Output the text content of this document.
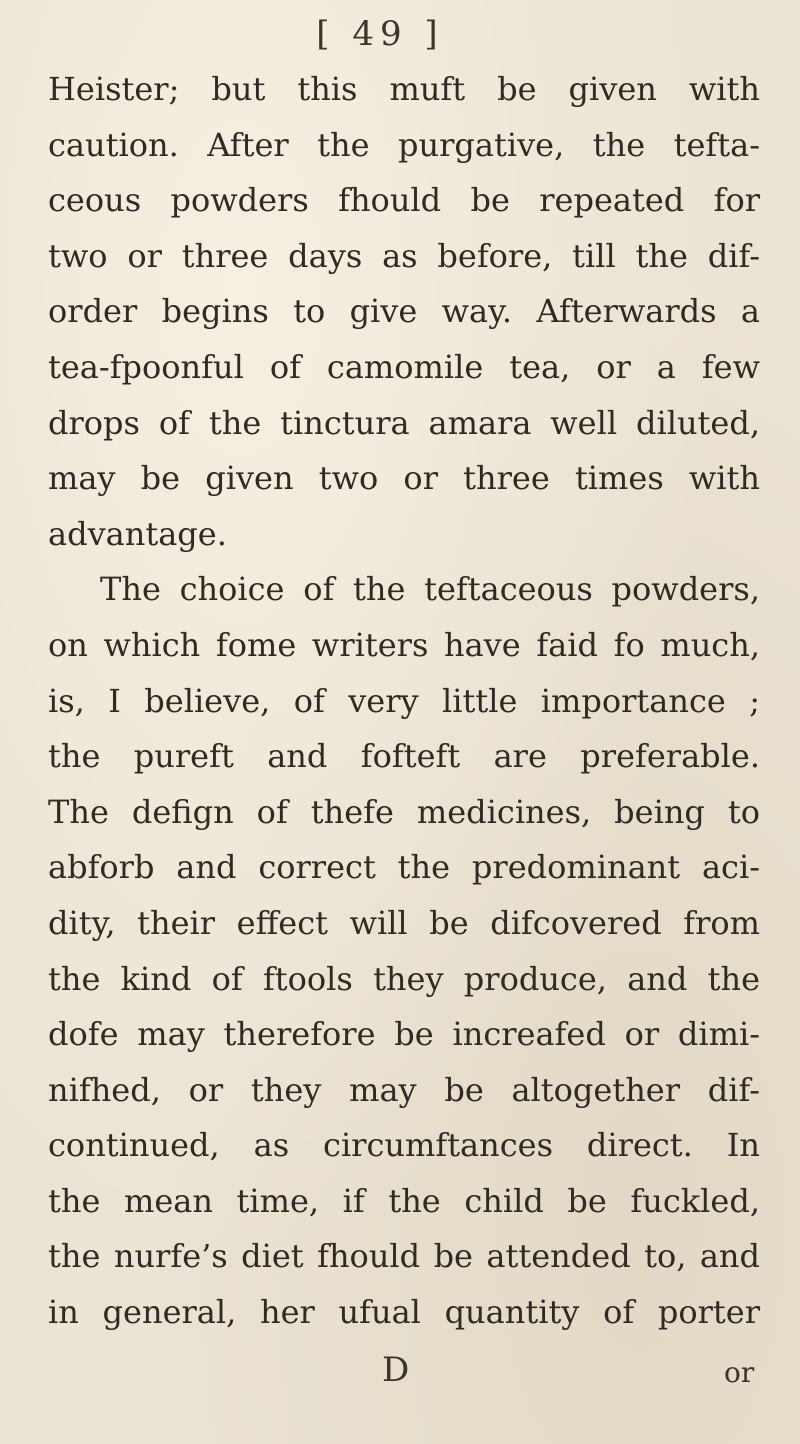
[ 49 ]
Heister; but this muft be given with
caution. After the purgative, the tefta-
ceous powders fhould be repeated for
two or three days as before, till the dif-
order begins to give way. Afterwards a
tea-fpoonful of camomile tea, or a few
drops of the tinctura amara well diluted,
may be given two or three times with
advantage.
The choice of the teftaceous powders,
on which fome writers have faid fo much,
is, I believe, of very little importance ;
the pureft and fofteft are preferable.
The defign of thefe medicines, being to
abforb and correct the predominant aci-
dity, their effect will be difcovered from
the kind of ftools they produce, and the
dofe may therefore be increafed or dimi-
nifhed, or they may be altogether dif-
continued, as circumftances direct. In
the mean time, if the child be fuckled,
the nurfe’s diet fhould be attended to, and
in general, her ufual quantity of porter
D	or
